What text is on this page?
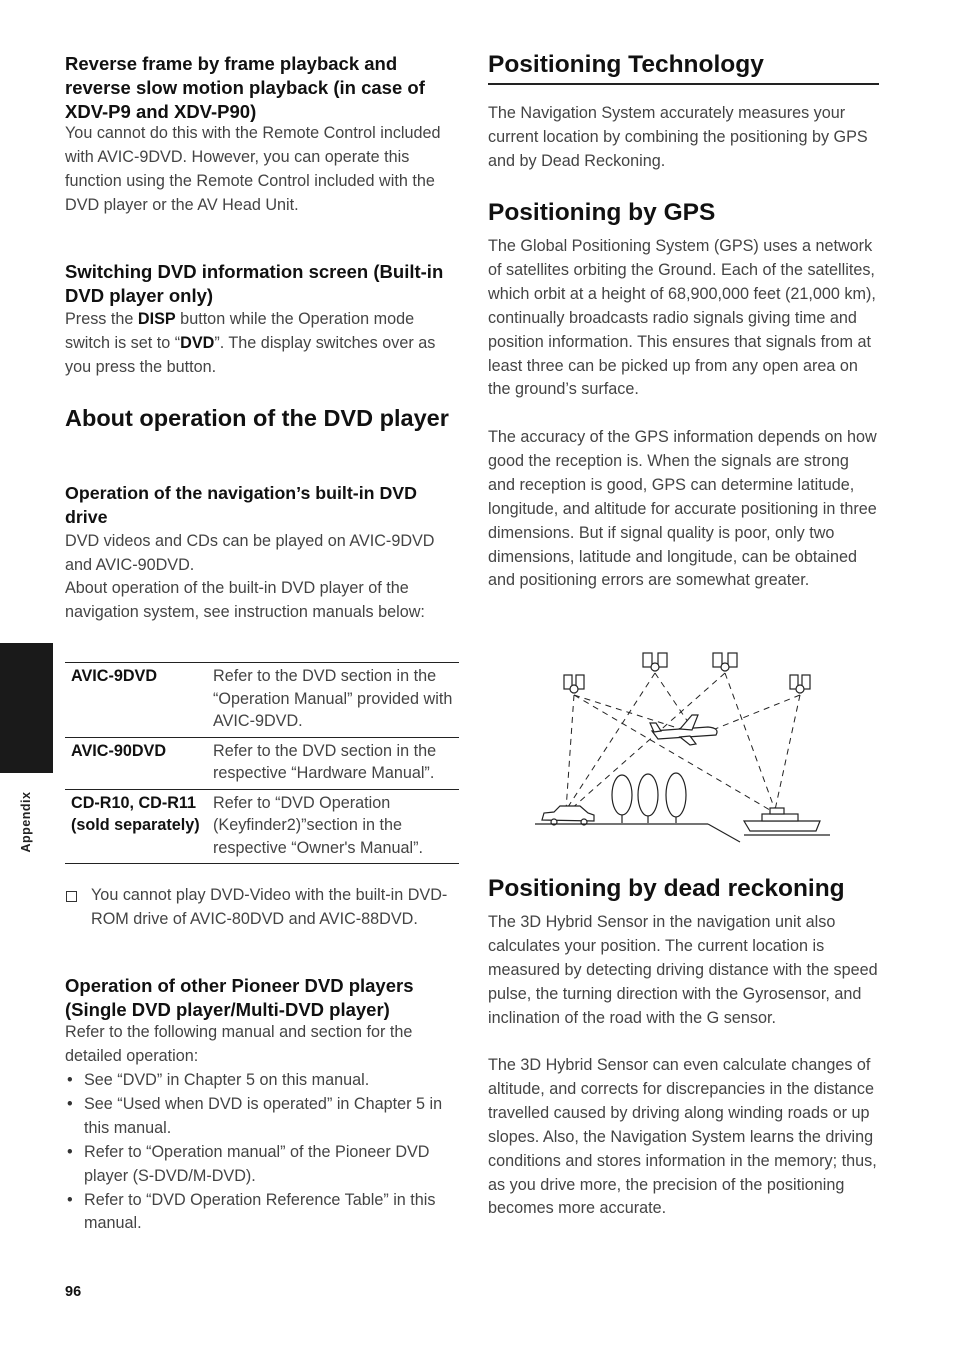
Appendix

Reverse frame by frame playback and reverse slow motion playback (in case of XDV-P9 and XDV-P90)

You cannot do this with the Remote Control included with AVIC-9DVD. However, you can operate this function using the Remote Control included with the DVD player or the AV Head Unit.

Switching DVD information screen (Built-in DVD player only)

Press the DISP button while the Operation mode switch is set to “DVD”. The display switches over as you press the button.

About operation of the DVD player

Operation of the navigation’s built-in DVD drive

DVD videos and CDs can be played on AVIC-9DVD and AVIC-90DVD.

About operation of the built-in DVD player of the navigation system, see instruction manuals below:

AVIC-9DVD	Refer to the DVD section in the “Operation Manual” provided with AVIC-9DVD.
AVIC-90DVD	Refer to the DVD section in the respective “Hardware Manual”.
CD-R10, CD-R11 (sold separately)	Refer to “DVD Operation (Keyfinder2)”section in the respective “Owner's Manual”.
You cannot play DVD-Video with the built-in DVD-ROM drive of AVIC-80DVD and AVIC-88DVD.

Operation of other Pioneer DVD players (Single DVD player/Multi-DVD player)

Refer to the following manual and section for the detailed operation:

• See “DVD” in Chapter 5 on this manual.
• See “Used when DVD is operated” in Chapter 5 in this manual.
• Refer to “Operation manual” of the Pioneer DVD player (S-DVD/M-DVD).
• Refer to “DVD Operation Reference Table” in this manual.

Positioning Technology

The Navigation System accurately measures your current location by combining the positioning by GPS and by Dead Reckoning.

Positioning by GPS

The Global Positioning System (GPS) uses a network of satellites orbiting the Ground. Each of the satellites, which orbit at a height of 68,900,000 feet (21,000 km), continually broadcasts radio signals giving time and position information. This ensures that signals from at least three can be picked up from any open area on the ground’s surface.

The accuracy of the GPS information depends on how good the reception is. When the signals are strong and reception is good, GPS can determine latitude, longitude, and altitude for accurate positioning in three dimensions. But if signal quality is poor, only two dimensions, latitude and longitude, can be obtained and positioning errors are somewhat greater.

Positioning by dead reckoning

The 3D Hybrid Sensor in the navigation unit also calculates your position. The current location is measured by detecting driving distance with the speed pulse, the turning direction with the Gyrosensor, and inclination of the road with the G sensor.

The 3D Hybrid Sensor can even calculate changes of altitude, and corrects for discrepancies in the distance travelled caused by driving along winding roads or up slopes. Also, the Navigation System learns the driving conditions and stores information in the memory; thus, as you drive more, the precision of the positioning becomes more accurate.

96
